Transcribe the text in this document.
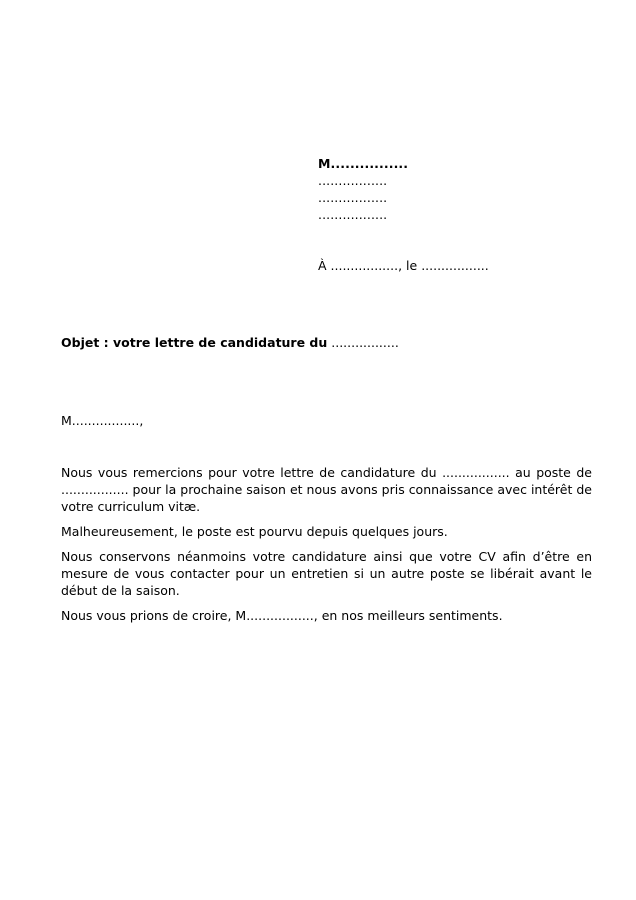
M................
.................
.................
.................
À ................., le .................
Objet : votre lettre de candidature du .................
M.................,

Nous vous remercions pour votre lettre de candidature du ................. au poste de ................. pour la prochaine saison et nous avons pris connaissance avec intérêt de votre curriculum vitæ.

Malheureusement, le poste est pourvu depuis quelques jours.

Nous conservons néanmoins votre candidature ainsi que votre CV afin d’être en mesure de vous contacter pour un entretien si un autre poste se libérait avant le début de la saison.

Nous vous prions de croire, M................., en nos meilleurs sentiments.
